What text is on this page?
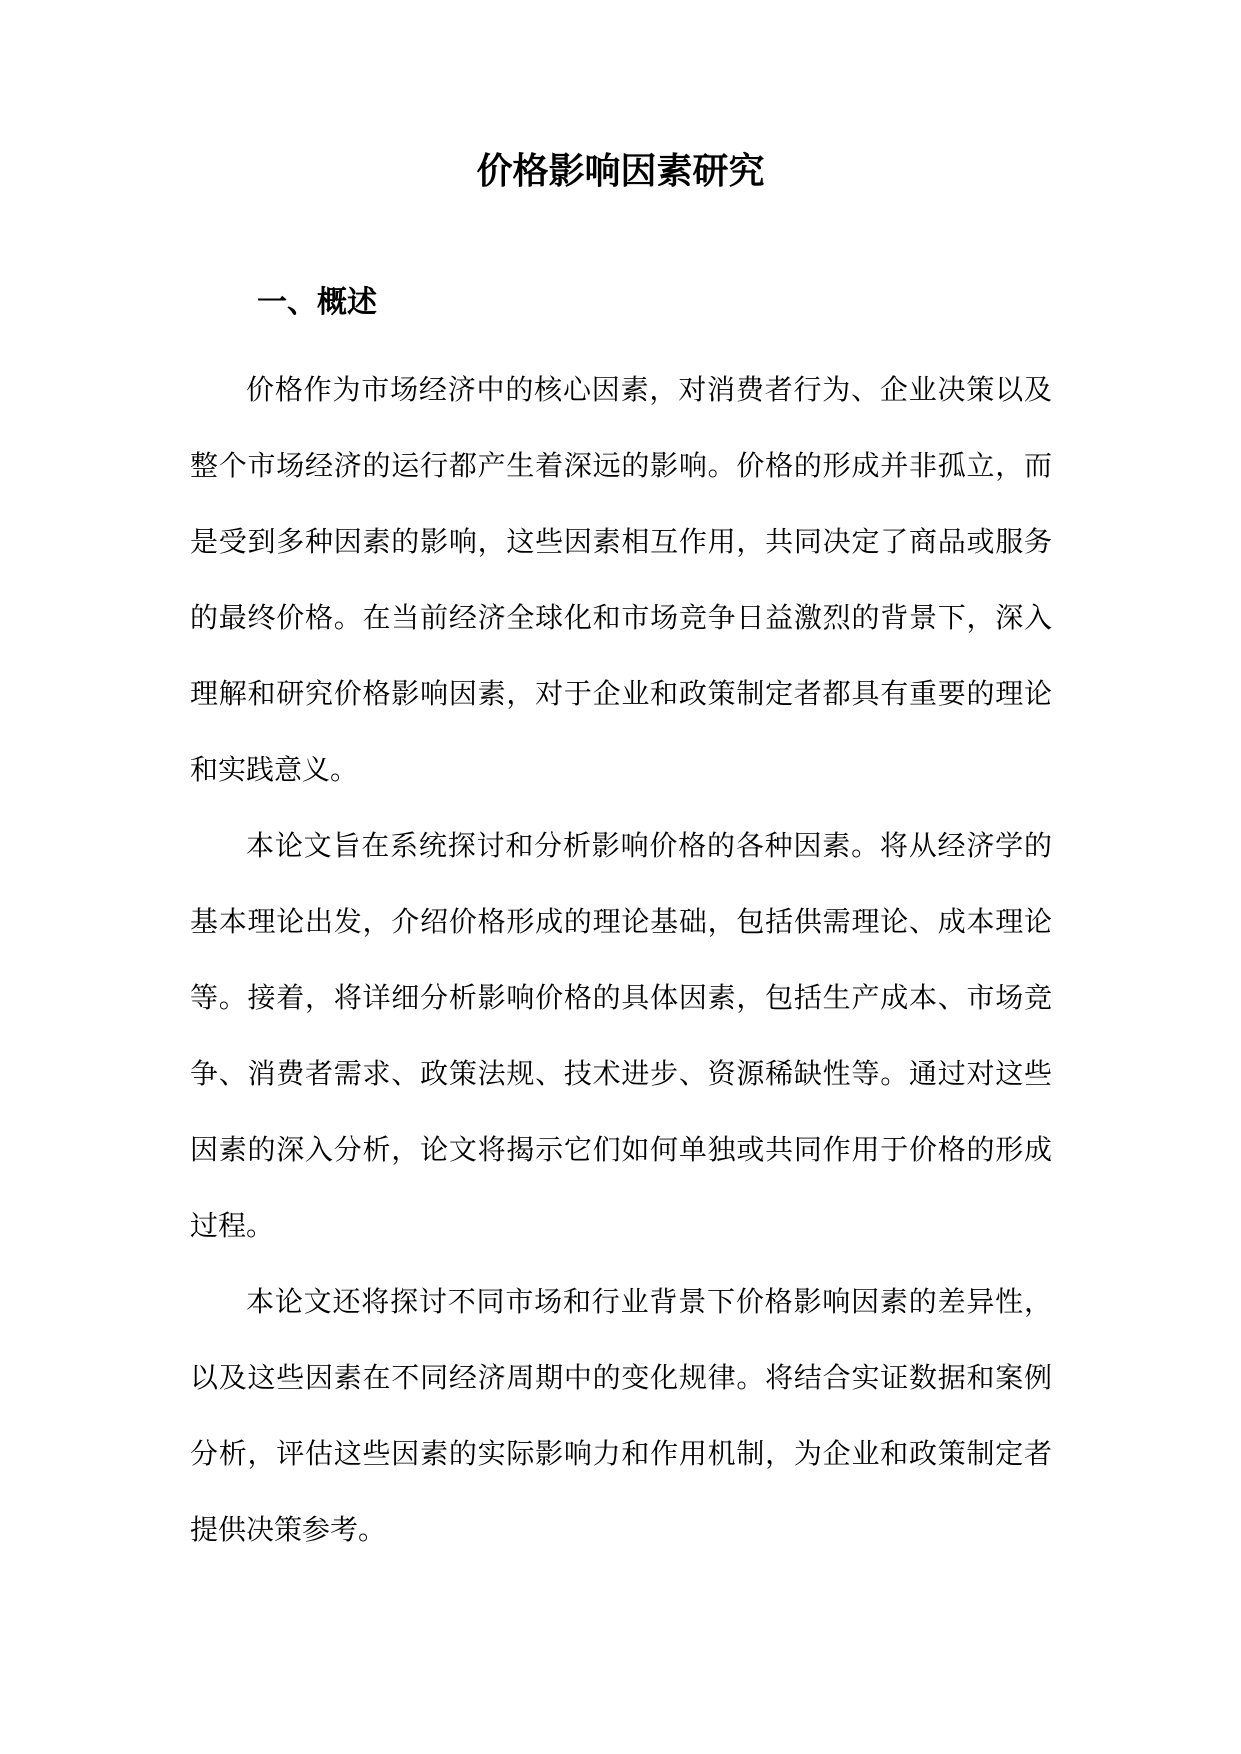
价格影响因素研究
一、概述

价格作为市场经济中的核心因素，对消费者行为、企业决策以及整个市场经济的运行都产生着深远的影响。价格的形成并非孤立，而是受到多种因素的影响，这些因素相互作用，共同决定了商品或服务的最终价格。在当前经济全球化和市场竞争日益激烈的背景下，深入理解和研究价格影响因素，对于企业和政策制定者都具有重要的理论和实践意义。

本论文旨在系统探讨和分析影响价格的各种因素。将从经济学的基本理论出发，介绍价格形成的理论基础，包括供需理论、成本理论等。接着，将详细分析影响价格的具体因素，包括生产成本、市场竞争、消费者需求、政策法规、技术进步、资源稀缺性等。通过对这些因素的深入分析，论文将揭示它们如何单独或共同作用于价格的形成过程。

本论文还将探讨不同市场和行业背景下价格影响因素的差异性，以及这些因素在不同经济周期中的变化规律。将结合实证数据和案例分析，评估这些因素的实际影响力和作用机制，为企业和政策制定者提供决策参考。
